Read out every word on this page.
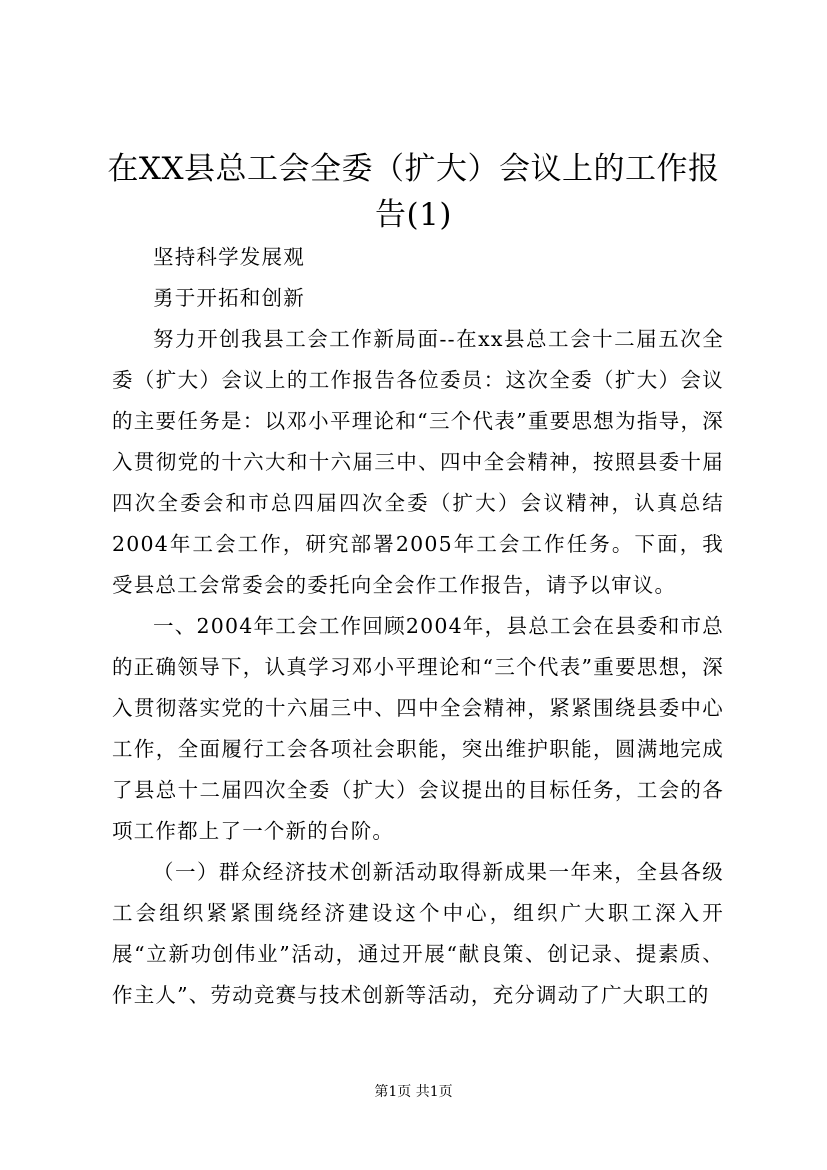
在XX县总工会全委（扩大）会议上的工作报告(1)

坚持科学发展观

勇于开拓和创新

努力开创我县工会工作新局面--在xx县总工会十二届五次全委（扩大）会议上的工作报告各位委员：这次全委（扩大）会议的主要任务是：以邓小平理论和“三个代表”重要思想为指导，深入贯彻党的十六大和十六届三中、四中全会精神，按照县委十届四次全委会和市总四届四次全委（扩大）会议精神，认真总结2004年工会工作，研究部署2005年工会工作任务。下面，我受县总工会常委会的委托向全会作工作报告，请予以审议。

一、2004年工会工作回顾2004年，县总工会在县委和市总的正确领导下，认真学习邓小平理论和“三个代表”重要思想，深入贯彻落实党的十六届三中、四中全会精神，紧紧围绕县委中心工作，全面履行工会各项社会职能，突出维护职能，圆满地完成了县总十二届四次全委（扩大）会议提出的目标任务，工会的各项工作都上了一个新的台阶。

（一）群众经济技术创新活动取得新成果一年来，全县各级工会组织紧紧围绕经济建设这个中心，组织广大职工深入开展“立新功创伟业”活动，通过开展“献良策、创记录、提素质、作主人”、劳动竞赛与技术创新等活动，充分调动了广大职工的

第1页 共1页
